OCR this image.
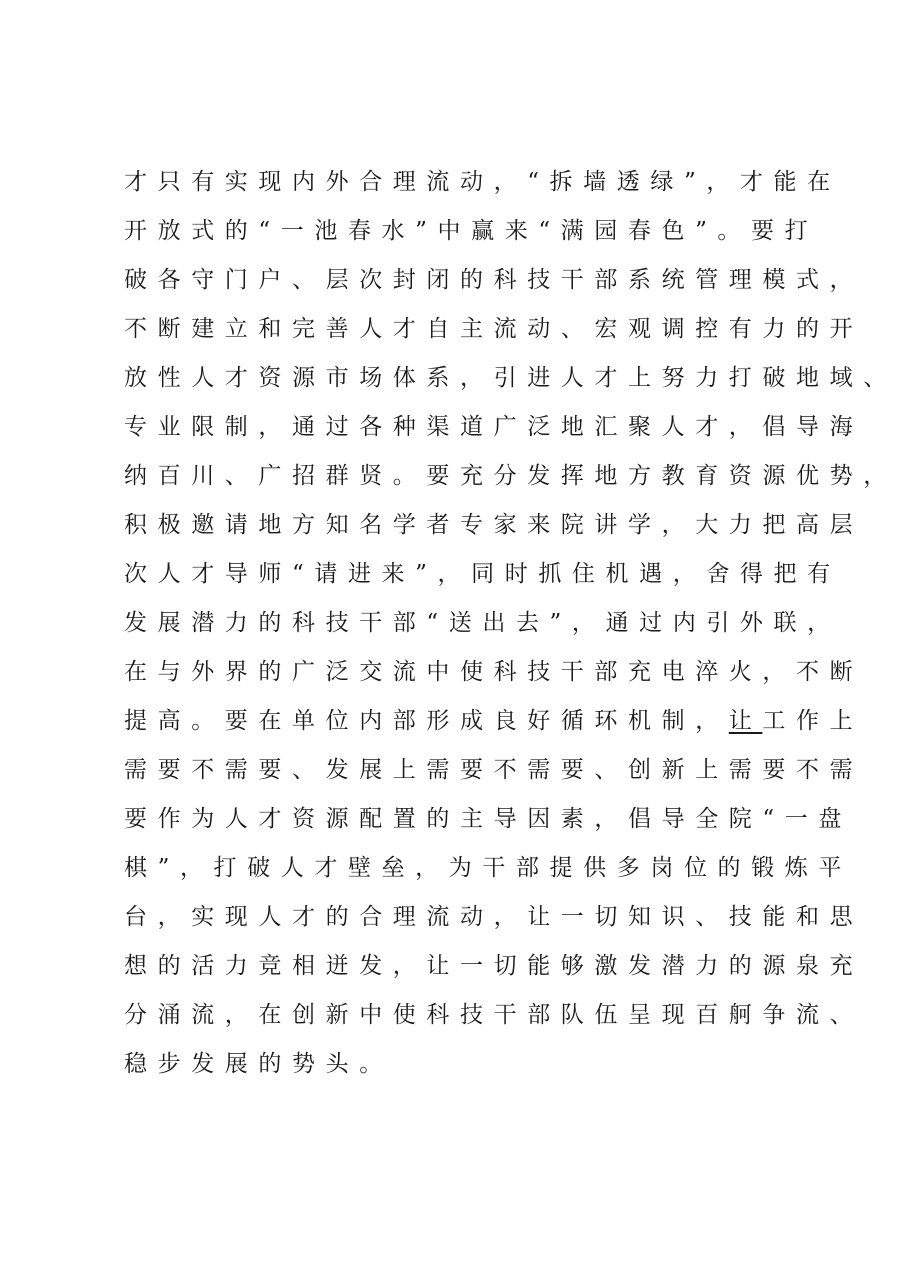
才只有实现内外合理流动，“拆墙透绿”，才能在
开放式的“一池春水”中赢来“满园春色”。要打
破各守门户、层次封闭的科技干部系统管理模式，
不断建立和完善人才自主流动、宏观调控有力的开
放性人才资源市场体系，引进人才上努力打破地域、
专业限制，通过各种渠道广泛地汇聚人才，倡导海
纳百川、广招群贤。要充分发挥地方教育资源优势，
积极邀请地方知名学者专家来院讲学，大力把高层
次人才导师“请进来”，同时抓住机遇，舍得把有
发展潜力的科技干部“送出去”，通过内引外联，
在与外界的广泛交流中使科技干部充电淬火，不断
提高。要在单位内部形成良好循环机制，让工作上
需要不需要、发展上需要不需要、创新上需要不需
要作为人才资源配置的主导因素，倡导全院“一盘
棋”，打破人才壁垒，为干部提供多岗位的锻炼平
台，实现人才的合理流动，让一切知识、技能和思
想的活力竞相迸发，让一切能够激发潜力的源泉充
分涌流，在创新中使科技干部队伍呈现百舸争流、
稳步发展的势头。
